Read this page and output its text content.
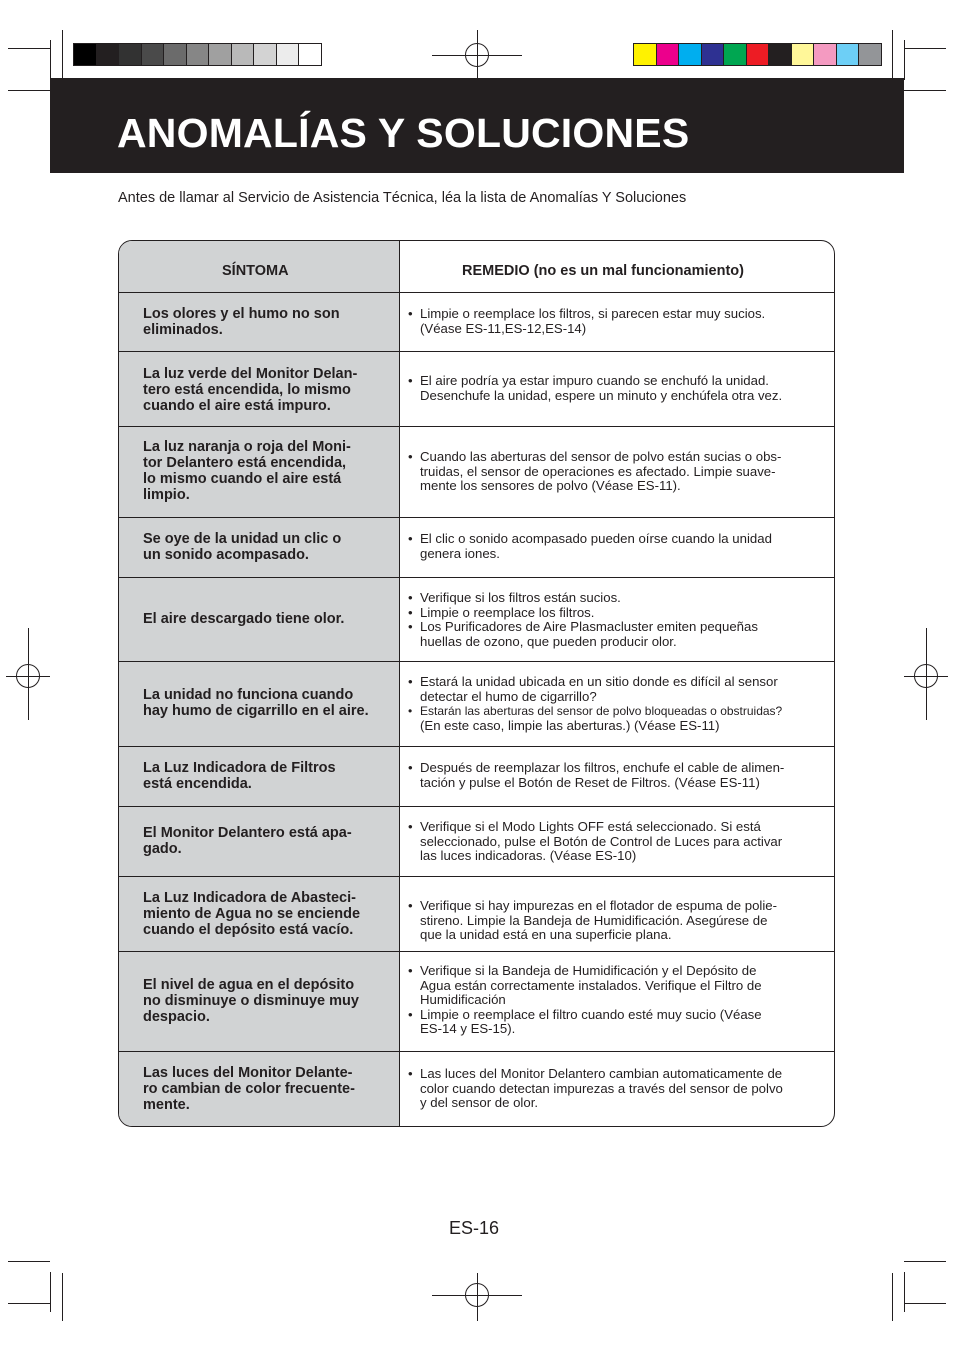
ANOMALÍAS Y SOLUCIONES
Antes de llamar al Servicio de Asistencia Técnica, léa la lista de Anomalías Y Soluciones
SÍNTOMA	REMEDIO (no es un mal funcionamiento)
Los olores y el humo no son
eliminados.
• Limpie o reemplace los filtros, si parecen estar muy sucios.
(Véase ES-11,ES-12,ES-14)
La luz verde del Monitor Delan-
tero está encendida, lo mismo
cuando el aire está impuro.
• El aire podría ya estar impuro cuando se enchufó la unidad.
Desenchufe la unidad, espere un minuto y enchúfela otra vez.
La luz naranja o roja del Moni-
tor Delantero está encendida,
lo mismo cuando el aire está
limpio.
• Cuando las aberturas del sensor de polvo están sucias o obs-
truidas, el sensor de operaciones es afectado. Limpie suave-
mente los sensores de polvo (Véase ES-11).
Se oye de la unidad un clic o
un sonido acompasado.
• El clic o sonido acompasado pueden oírse cuando la unidad
genera iones.
El aire descargado tiene olor.
• Verifique si los filtros están sucios.
• Limpie o reemplace los filtros.
• Los Purificadores de Aire Plasmacluster emiten pequeñas
huellas de ozono, que pueden producir olor.
La unidad no funciona cuando
hay humo de cigarrillo en el aire.
• Estará la unidad ubicada en un sitio donde es difícil al sensor
detectar el humo de cigarrillo?
• Estarán las aberturas del sensor de polvo bloqueadas o obstruidas?
(En este caso, limpie las aberturas.) (Véase ES-11)
La Luz Indicadora de Filtros
está encendida.
• Después de reemplazar los filtros, enchufe el cable de alimen-
tación y pulse el Botón de Reset de Filtros. (Véase ES-11)
El Monitor Delantero está apa-
gado.
• Verifique si el Modo Lights OFF está seleccionado. Si está
seleccionado, pulse el Botón de Control de Luces para activar
las luces indicadoras. (Véase ES-10)
La Luz Indicadora de Abasteci-
miento de Agua no se enciende
cuando el depósito está vacío.
• Verifique si hay impurezas en el flotador de espuma de polie-
stireno. Limpie la Bandeja de Humidificación. Asegúrese de
que la unidad está en una superficie plana.
El nivel de agua en el depósito
no disminuye o disminuye muy
despacio.
• Verifique si la Bandeja de Humidificación y el Depósito de
Agua están correctamente instalados. Verifique el Filtro de
Humidificación
• Limpie o reemplace el filtro cuando esté muy sucio (Véase
ES-14 y ES-15).
Las luces del Monitor Delante-
ro cambian de color frecuente-
mente.
• Las luces del Monitor Delantero cambian automaticamente de
color cuando detectan impurezas a través del sensor de polvo
y del sensor de olor.
ES-16
